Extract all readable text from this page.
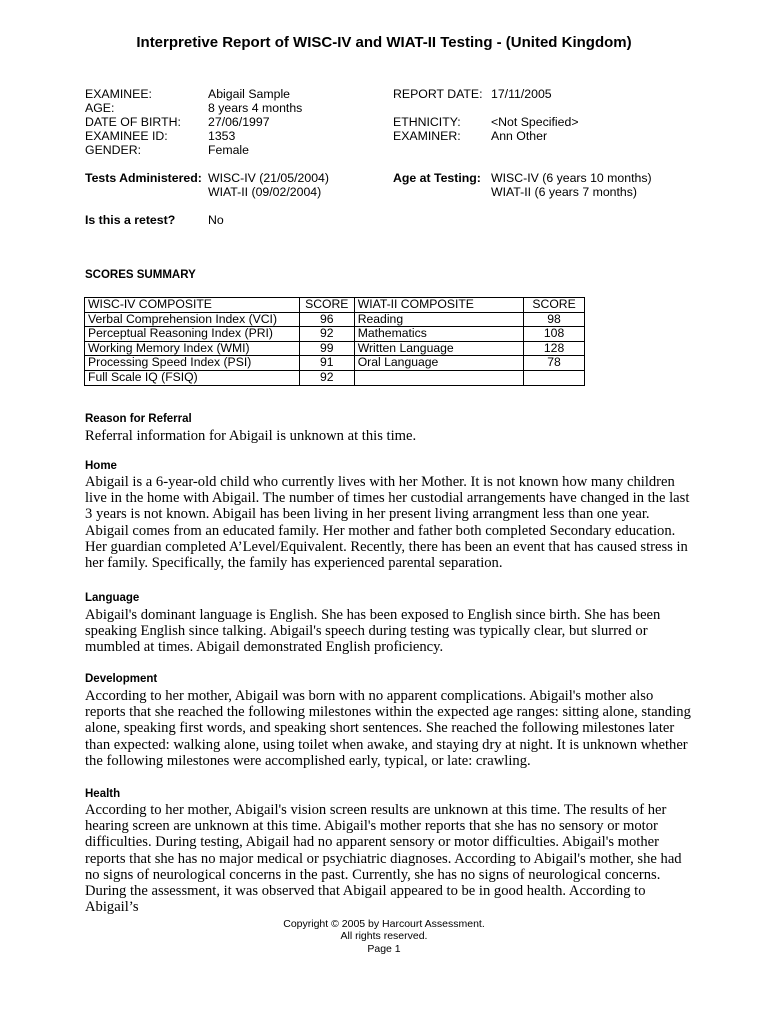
Interpretive Report of WISC-IV and WIAT-II Testing - (United Kingdom)
EXAMINEE:	Abigail Sample
AGE:	8 years 4 months
DATE OF BIRTH: 27/06/1997
EXAMINEE ID:	1353
GENDER:	Female
REPORT DATE: 17/11/2005
ETHNICITY: <Not Specified>
EXAMINER: Ann Other
Tests Administered: WISC-IV (21/05/2004)
WIAT-II (09/02/2004)
Age at Testing: WISC-IV (6 years 10 months)
WIAT-II (6 years 7 months)
Is this a retest?	No
SCORES SUMMARY
WISC-IV COMPOSITE	SCORE	WIAT-II COMPOSITE	SCORE
Verbal Comprehension Index (VCI)	96	Reading	98
Perceptual Reasoning Index (PRI)	92	Mathematics	108
Working Memory Index (WMI)	99	Written Language	128
Processing Speed Index (PSI)	91	Oral Language	78
Full Scale IQ (FSIQ)	92		
Reason for Referral
Referral information for Abigail is unknown at this time.
Home
Abigail is a 6-year-old child who currently lives with her Mother. It is not known how many children live in the home with Abigail. The number of times her custodial arrangements have changed in the last 3 years is not known. Abigail has been living in her present living arrangment less than one year. Abigail comes from an educated family. Her mother and father both completed Secondary education. Her guardian completed A’Level/Equivalent. Recently, there has been an event that has caused stress in her family. Specifically, the family has experienced parental separation.
Language
Abigail's dominant language is English. She has been exposed to English since birth. She has been speaking English since talking. Abigail's speech during testing was typically clear, but slurred or mumbled at times. Abigail demonstrated English proficiency.
Development
According to her mother, Abigail was born with no apparent complications. Abigail's mother also reports that she reached the following milestones within the expected age ranges: sitting alone, standing alone, speaking first words, and speaking short sentences. She reached the following milestones later than expected: walking alone, using toilet when awake, and staying dry at night. It is unknown whether the following milestones were accomplished early, typical, or late: crawling.
Health
According to her mother, Abigail's vision screen results are unknown at this time. The results of her hearing screen are unknown at this time. Abigail's mother reports that she has no sensory or motor difficulties. During testing, Abigail had no apparent sensory or motor difficulties. Abigail's mother reports that she has no major medical or psychiatric diagnoses. According to Abigail's mother, she had no signs of neurological concerns in the past. Currently, she has no signs of neurological concerns. During the assessment, it was observed that Abigail appeared to be in good health. According to Abigail’s
Copyright © 2005 by Harcourt Assessment.
All rights reserved.
Page 1
